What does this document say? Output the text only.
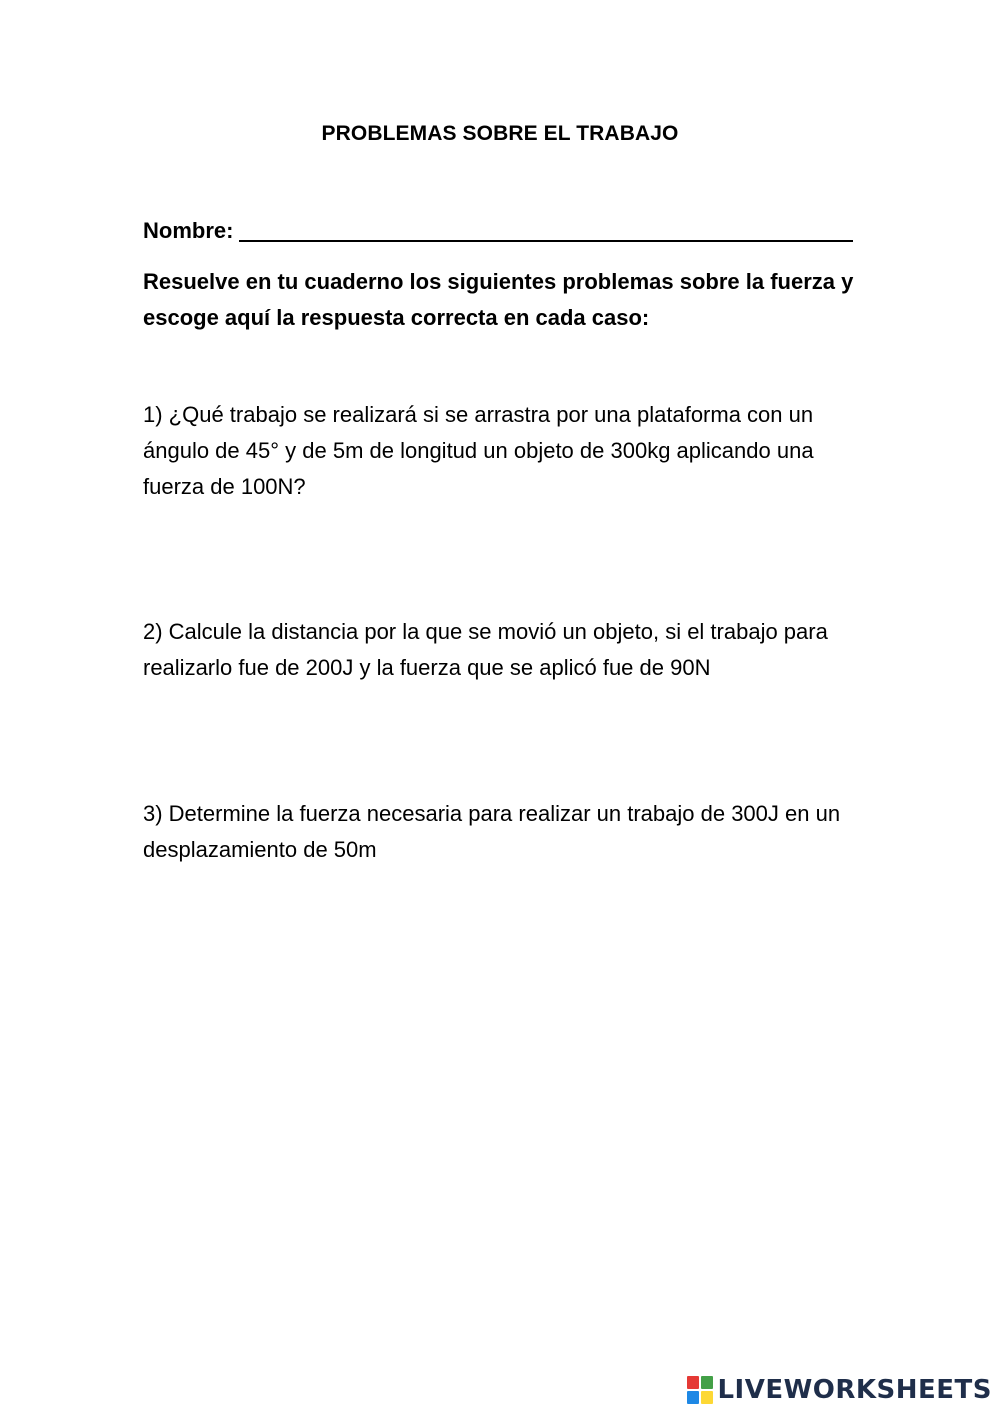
PROBLEMAS SOBRE EL TRABAJO
Nombre:
Resuelve en tu cuaderno los siguientes problemas sobre la fuerza y escoge aquí la respuesta correcta en cada caso:
1) ¿Qué trabajo se realizará si se arrastra por una plataforma con un ángulo de 45° y de 5m de longitud un objeto de 300kg aplicando una fuerza de 100N?
2) Calcule la distancia por la que se movió un objeto, si el trabajo para realizarlo fue de 200J y la fuerza que se aplicó fue de 90N
3) Determine la fuerza necesaria para realizar un trabajo de 300J en un desplazamiento de 50m
LIVEWORKSHEETS
